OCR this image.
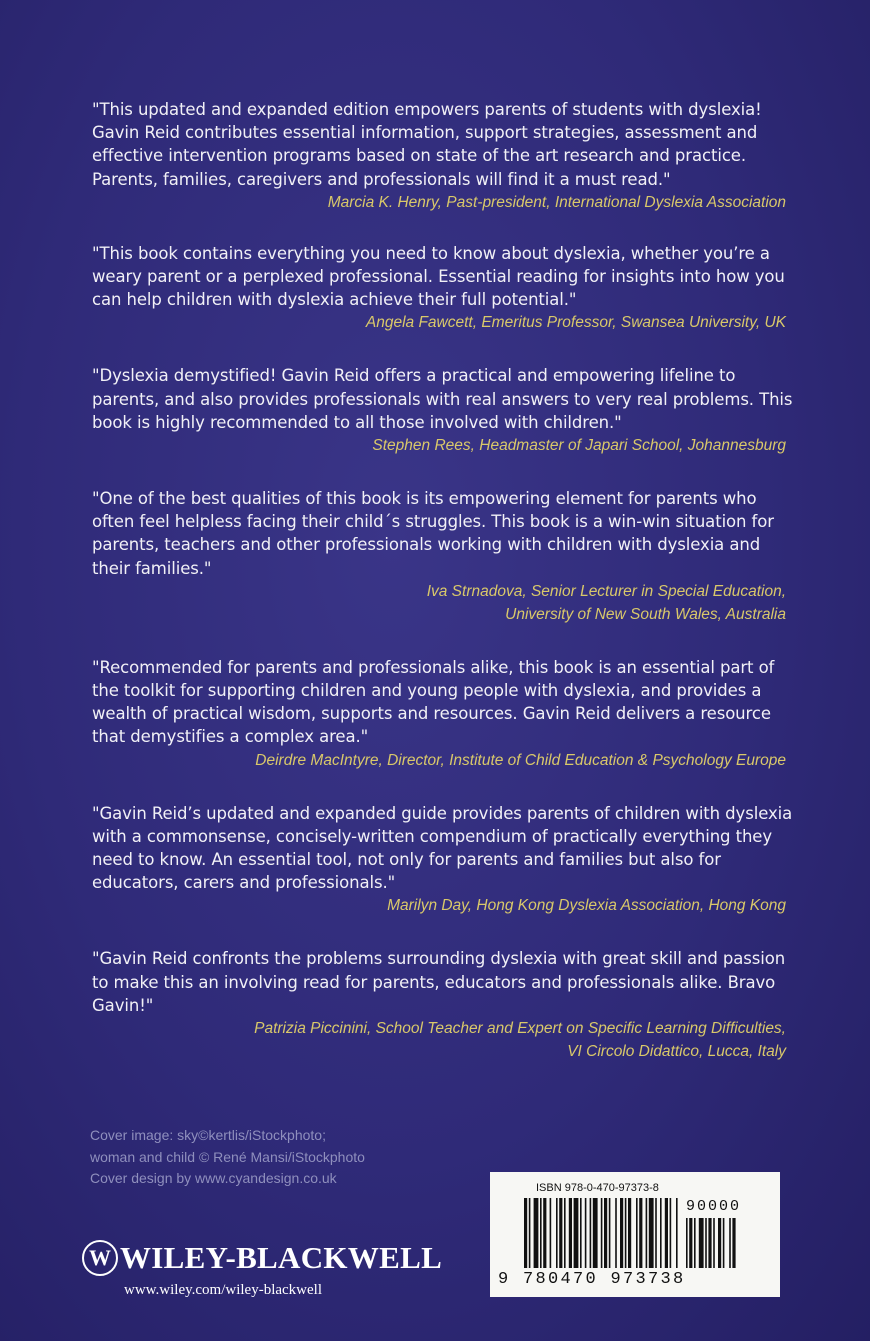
"This updated and expanded edition empowers parents of students with dyslexia!
Gavin Reid contributes essential information, support strategies, assessment and
effective intervention programs based on state of the art research and practice.
Parents, families, caregivers and professionals will find it a must read."

Marcia K. Henry, Past-president, International Dyslexia Association

"This book contains everything you need to know about dyslexia, whether you’re a
weary parent or a perplexed professional. Essential reading for insights into how you
can help children with dyslexia achieve their full potential."

Angela Fawcett, Emeritus Professor, Swansea University, UK

"Dyslexia demystified! Gavin Reid offers a practical and empowering lifeline to
parents, and also provides professionals with real answers to very real problems. This
book is highly recommended to all those involved with children."

Stephen Rees, Headmaster of Japari School, Johannesburg

"One of the best qualities of this book is its empowering element for parents who
often feel helpless facing their child´s struggles. This book is a win-win situation for
parents, teachers and other professionals working with children with dyslexia and
their families."

Iva Strnadova, Senior Lecturer in Special Education,
University of New South Wales, Australia

"Recommended for parents and professionals alike, this book is an essential part of
the toolkit for supporting children and young people with dyslexia, and provides a
wealth of practical wisdom, supports and resources. Gavin Reid delivers a resource
that demystifies a complex area."

Deirdre MacIntyre, Director, Institute of Child Education & Psychology Europe

"Gavin Reid’s updated and expanded guide provides parents of children with dyslexia
with a commonsense, concisely-written compendium of practically everything they
need to know. An essential tool, not only for parents and families but also for
educators, carers and professionals."

Marilyn Day, Hong Kong Dyslexia Association, Hong Kong

"Gavin Reid confronts the problems surrounding dyslexia with great skill and passion
to make this an involving read for parents, educators and professionals alike. Bravo
Gavin!"

Patrizia Piccinini, School Teacher and Expert on Specific Learning Difficulties,
VI Circolo Didattico, Lucca, Italy

Cover image: sky©kertlis/iStockphoto;
woman and child © René Mansi/iStockphoto
Cover design by www.cyandesign.co.uk
W WILEY-BLACKWELL
www.wiley.com/wiley-blackwell
ISBN 978-0-470-97373-8
90000
9 780470 973738
